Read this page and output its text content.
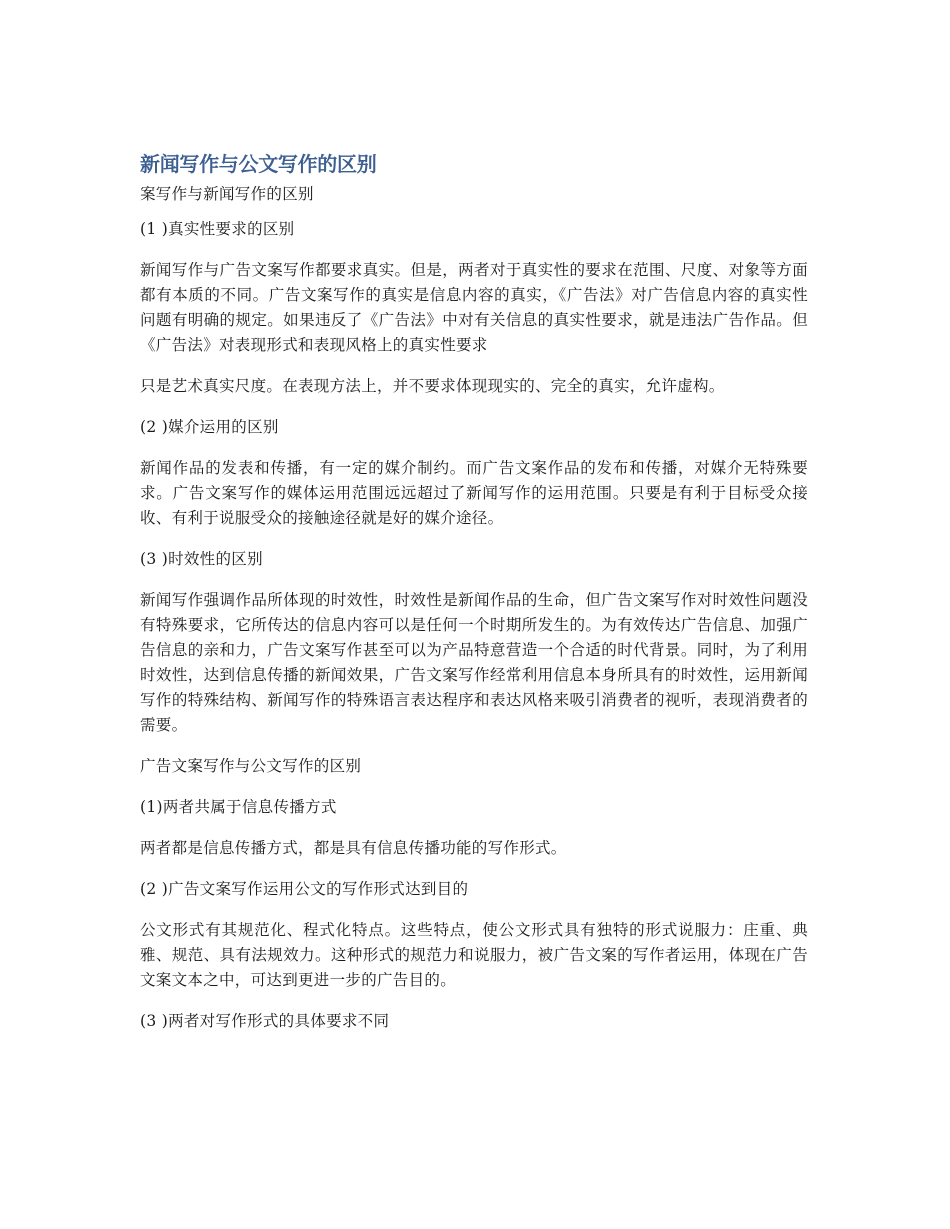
新闻写作与公文写作的区别

案写作与新闻写作的区别

(1 )真实性要求的区别

新闻写作与广告文案写作都要求真实。但是，两者对于真实性的要求在范围、尺度、对象等方面都有本质的不同。广告文案写作的真实是信息内容的真实，《广告法》对广告信息内容的真实性问题有明确的规定。如果违反了《广告法》中对有关信息的真实性要求，就是违法广告作品。但《广告法》对表现形式和表现风格上的真实性要求

只是艺术真实尺度。在表现方法上，并不要求体现现实的、完全的真实，允许虚构。

(2 )媒介运用的区别

新闻作品的发表和传播，有一定的媒介制约。而广告文案作品的发布和传播，对媒介无特殊要求。广告文案写作的媒体运用范围远远超过了新闻写作的运用范围。只要是有利于目标受众接收、有利于说服受众的接触途径就是好的媒介途径。

(3 )时效性的区别

新闻写作强调作品所体现的时效性，时效性是新闻作品的生命，但广告文案写作对时效性问题没有特殊要求，它所传达的信息内容可以是任何一个时期所发生的。为有效传达广告信息、加强广告信息的亲和力，广告文案写作甚至可以为产品特意营造一个合适的时代背景。同时，为了利用时效性，达到信息传播的新闻效果，广告文案写作经常利用信息本身所具有的时效性，运用新闻写作的特殊结构、新闻写作的特殊语言表达程序和表达风格来吸引消费者的视听，表现消费者的需要。

广告文案写作与公文写作的区别

(1)两者共属于信息传播方式

两者都是信息传播方式，都是具有信息传播功能的写作形式。

(2 )广告文案写作运用公文的写作形式达到目的

公文形式有其规范化、程式化特点。这些特点，使公文形式具有独特的形式说服力：庄重、典雅、规范、具有法规效力。这种形式的规范力和说服力，被广告文案的写作者运用，体现在广告文案文本之中，可达到更进一步的广告目的。

(3 )两者对写作形式的具体要求不同
